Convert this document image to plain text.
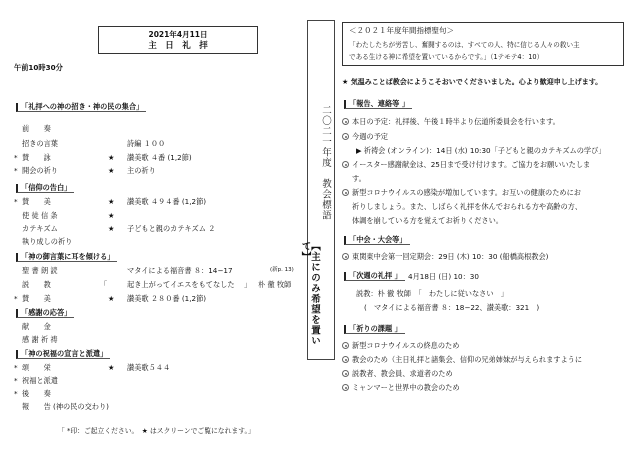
2021年4月11日
主　日　礼　拝
午前10時30分
「礼拝への神の招き・神の民の集合」
前　　奏
招きの言葉	詩編 １００
* 賛　　詠	★ 讃美歌 ４番 (1,2節)
* 開会の祈り	★ 主の祈り
「信仰の告白」
* 賛　　美	★ 讃美歌 ４９４番 (1,2節)
使 徒 信 条	★
カテキズム	★ 子どもと親のカテキズム ２
執り成しの祈り
「神の御言葉に耳を傾ける」
聖 書 朗 読	マタイによる福音書 ８：14−17	(新p. 13)
説　　教	「	起き上がってイエスをもてなした 」 朴 徹 牧師
* 賛　　美	★ 讃美歌 ２８０番 (1,2節)
「感謝の応答」
献　　金
感 謝 祈 祷
「神の祝福の宣言と派遣」
* 頌　　栄	★ 讃美歌５４４
* 祝福と派遣
* 後　　奏
報　　告 (神の民の交わり)
「 *印：ご起立ください。　★ はスクリーンでご覧になれます。」
二〇二一年度　教会標語
【主にのみ希望を置いて】
＜２０２１年度年間指標聖句＞
「わたしたちが労苦し、奮闘するのは、すべての人、特に信じる人々の救い主
である生ける神に希望を置いているからです。」（1テモテ4：10）
★ 気温みことば教会にようこそおいでくださいました。心より歓迎申し上げます。
「報告、連絡等 」
本日の予定：礼拝後、午後１時半より伝道所委員会を行います。
今週の予定
▶ 祈祷会 (オンライン)：14日 (水) 10:30「子どもと親のカテキズムの学び」
イースター感謝献金は、25日まで受け付けます。ご協力をお願いいたしま
す。
新型コロナウイルスの感染が増加しています。お互いの健康のためにお
祈りしましょう。また、しばらく礼拝を休んでおられる方や高齢の方、
体調を崩している方を覚えてお祈りください。
「中会・大会等」
東関東中会第一回定期会：29日 (木) 10：30 (船橋高根教会)
「次週の礼拝 」 4月18日 (日) 10：30
説教：朴 徹 牧師　「　わたしに従いなさい　」
(　マタイによる福音書 ８：18−22、讃美歌：321　)
「祈りの課題 」
新型コロナウイルスの終息のため
教会のため（主日礼拝と諸集会、信仰の兄弟姉妹が与えられますように
説教者、教会員、求道者のため
ミャンマーと世界中の教会のため
